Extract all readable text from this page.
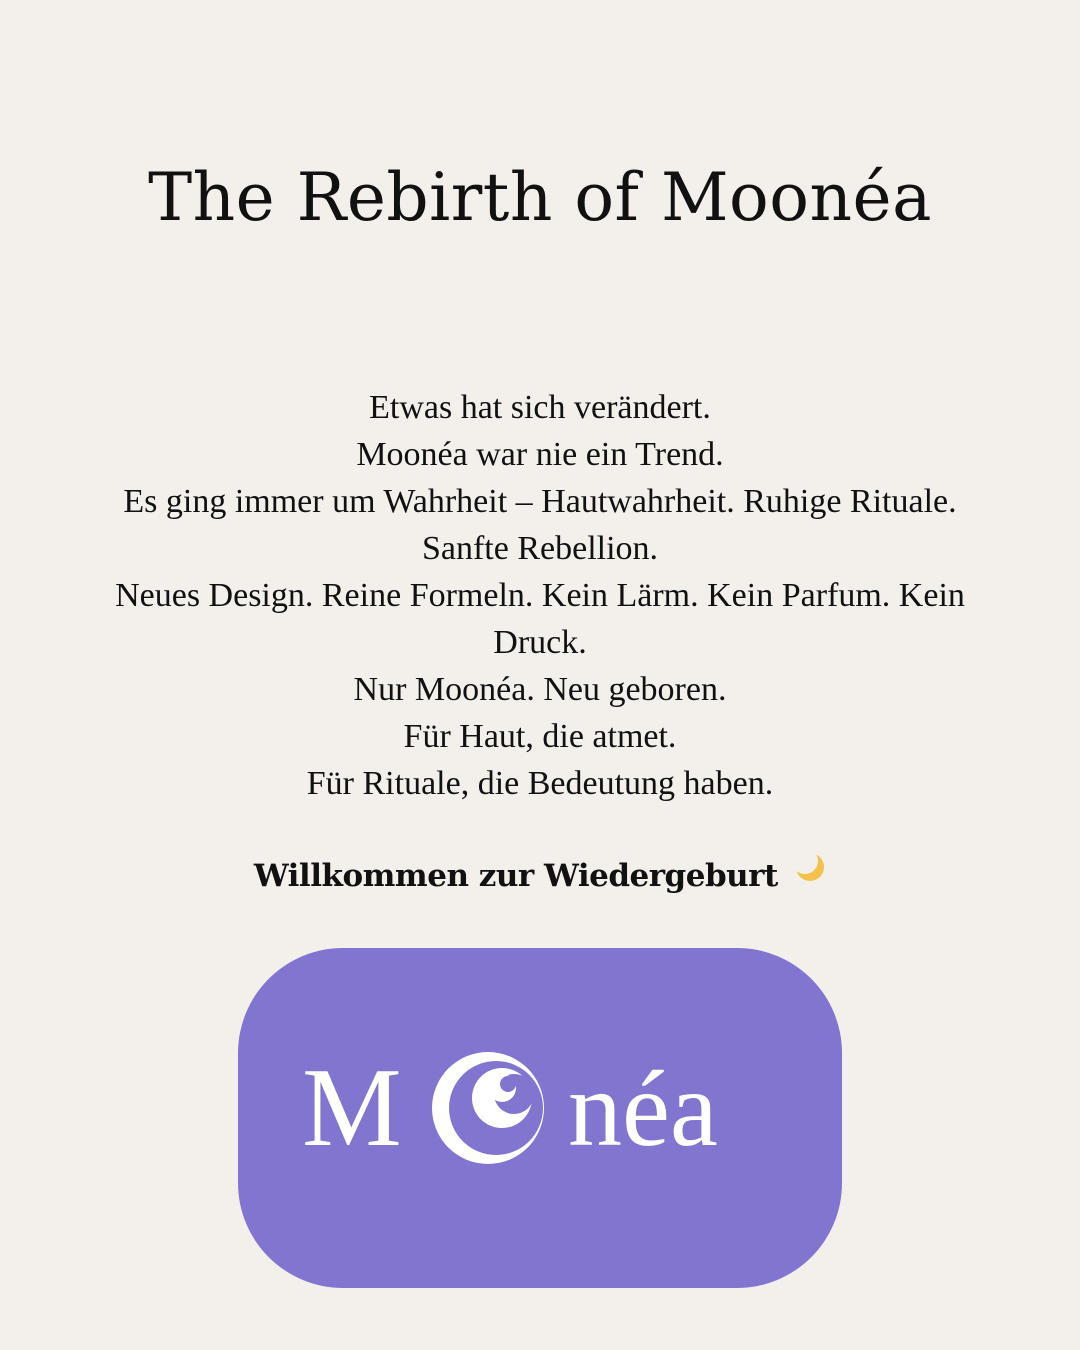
The Rebirth of Moonéa
Etwas hat sich verändert.
Moonéa war nie ein Trend.
Es ging immer um Wahrheit – Hautwahrheit. Ruhige Rituale.
Sanfte Rebellion.
Neues Design. Reine Formeln. Kein Lärm. Kein Parfum. Kein
Druck.
Nur Moonéa. Neu geboren.
Für Haut, die atmet.
Für Rituale, die Bedeutung haben.
Willkommen zur Wiedergeburt
M néa
